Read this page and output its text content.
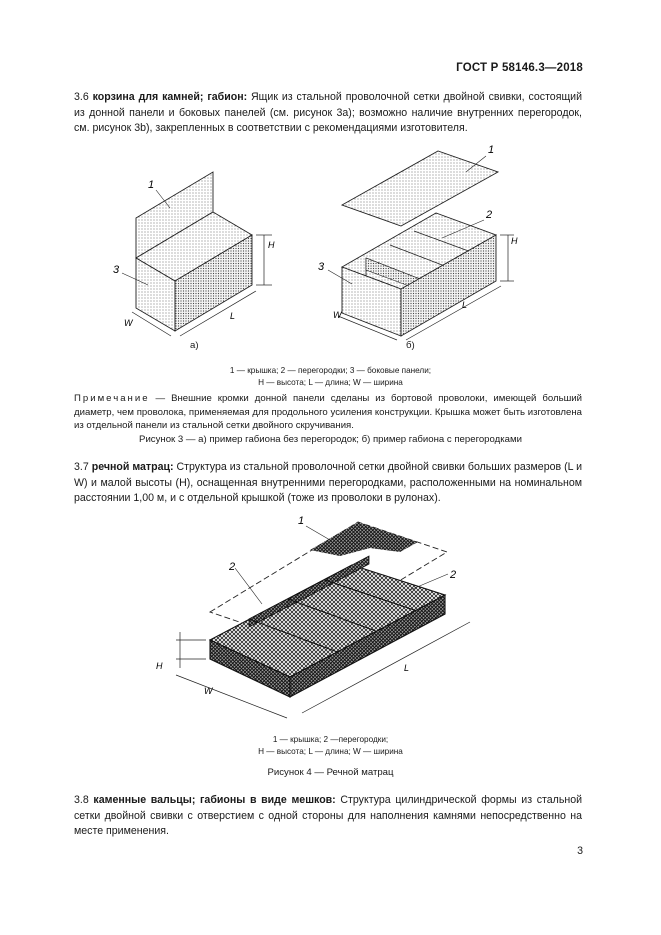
ГОСТ Р 58146.3—2018
3.6 корзина для камней; габион: Ящик из стальной проволочной сетки двойной свивки, состоящий из донной панели и боковых панелей (см. рисунок 3а); возможно наличие внутренних перегородок, см. рисунок 3b), закрепленных в соответствии с рекомендациями изготовителя.
1
3
H
L
W
1
2
3
H
L
W
1
2
2
H
W
L
а)	б)
1 — крышка; 2 — перегородки; 3 — боковые панели;
H — высота; L — длина; W — ширина
Примечание — Внешние кромки донной панели сделаны из бортовой проволоки, имеющей больший диаметр, чем проволока, применяемая для продольного усиления конструкции. Крышка может быть изготовлена из отдельной панели из стальной сетки двойного скручивания.
Рисунок 3 — а) пример габиона без перегородок; б) пример габиона с перегородками
3.7 речной матрац: Структура из стальной проволочной сетки двойной свивки больших размеров (L и W) и малой высоты (H), оснащенная внутренними перегородками, расположенными на номинальном расстоянии 1,00 м, и с отдельной крышкой (тоже из проволоки в рулонах).
1 — крышка; 2 —перегородки;
H — высота; L — длина; W — ширина
Рисунок 4 — Речной матрац
3.8 каменные вальцы; габионы в виде мешков: Структура цилиндрической формы из стальной сетки двойной свивки с отверстием с одной стороны для наполнения камнями непосредственно на месте применения.
3
